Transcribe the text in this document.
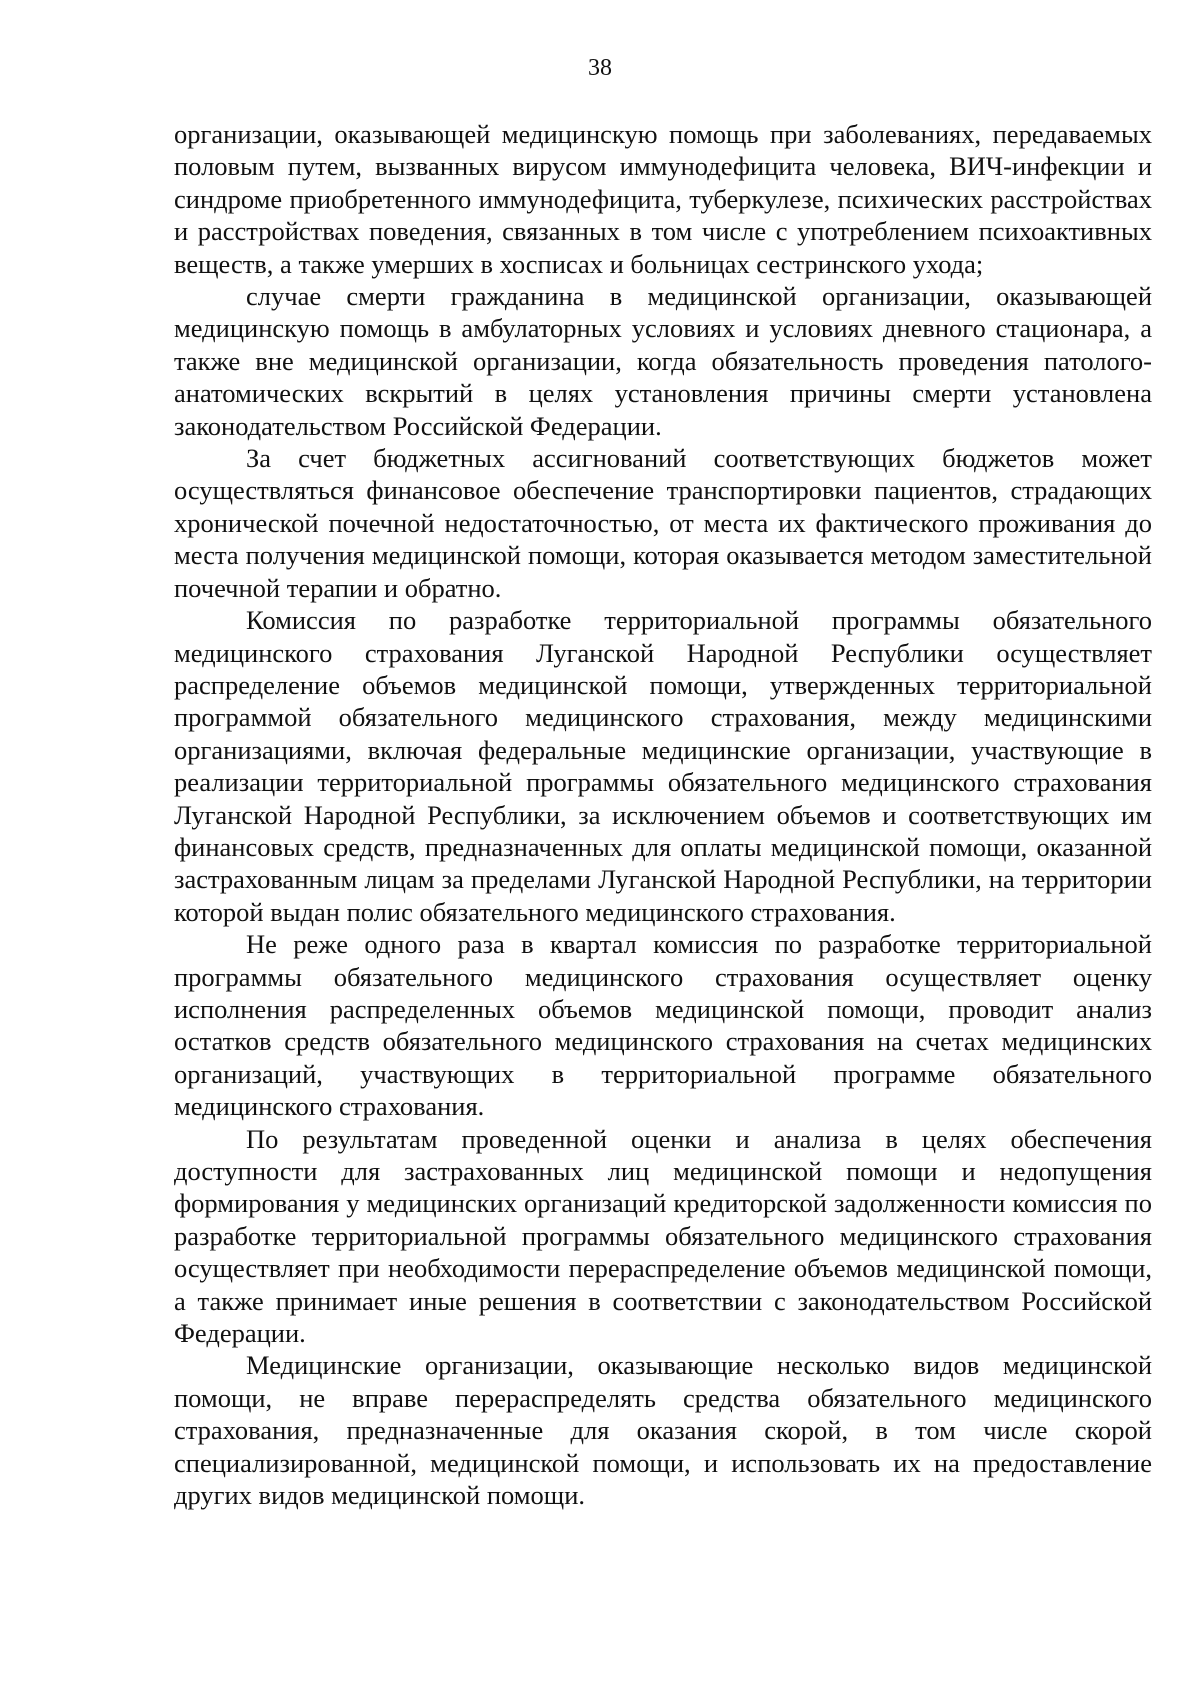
38

организации, оказывающей медицинскую помощь при заболеваниях, передаваемых половым путем, вызванных вирусом иммунодефицита человека, ВИЧ-инфекции и синдроме приобретенного иммунодефицита, туберкулезе, психических расстройствах и расстройствах поведения, связанных в том числе с употреблением психоактивных веществ, а также умерших в хосписах и больницах сестринского ухода;

случае смерти гражданина в медицинской организации, оказывающей медицинскую помощь в амбулаторных условиях и условиях дневного стационара, а также вне медицинской организации, когда обязательность проведения патолого-анатомических вскрытий в целях установления причины смерти установлена законодательством Российской Федерации.

За счет бюджетных ассигнований соответствующих бюджетов может осуществляться финансовое обеспечение транспортировки пациентов, страдающих хронической почечной недостаточностью, от места их фактического проживания до места получения медицинской помощи, которая оказывается методом заместительной почечной терапии и обратно.

Комиссия по разработке территориальной программы обязательного медицинского страхования Луганской Народной Республики осуществляет распределение объемов медицинской помощи, утвержденных территориальной программой обязательного медицинского страхования, между медицинскими организациями, включая федеральные медицинские организации, участвующие в реализации территориальной программы обязательного медицинского страхования Луганской Народной Республики, за исключением объемов и соответствующих им финансовых средств, предназначенных для оплаты медицинской помощи, оказанной застрахованным лицам за пределами Луганской Народной Республики, на территории которой выдан полис обязательного медицинского страхования.

Не реже одного раза в квартал комиссия по разработке территориальной программы обязательного медицинского страхования осуществляет оценку исполнения распределенных объемов медицинской помощи, проводит анализ остатков средств обязательного медицинского страхования на счетах медицинских организаций, участвующих в территориальной программе обязательного медицинского страхования.

По результатам проведенной оценки и анализа в целях обеспечения доступности для застрахованных лиц медицинской помощи и недопущения формирования у медицинских организаций кредиторской задолженности комиссия по разработке территориальной программы обязательного медицинского страхования осуществляет при необходимости перераспределение объемов медицинской помощи, а также принимает иные решения в соответствии с законодательством Российской Федерации.

Медицинские организации, оказывающие несколько видов медицинской помощи, не вправе перераспределять средства обязательного медицинского страхования, предназначенные для оказания скорой, в том числе скорой специализированной, медицинской помощи, и использовать их на предоставление других видов медицинской помощи.
